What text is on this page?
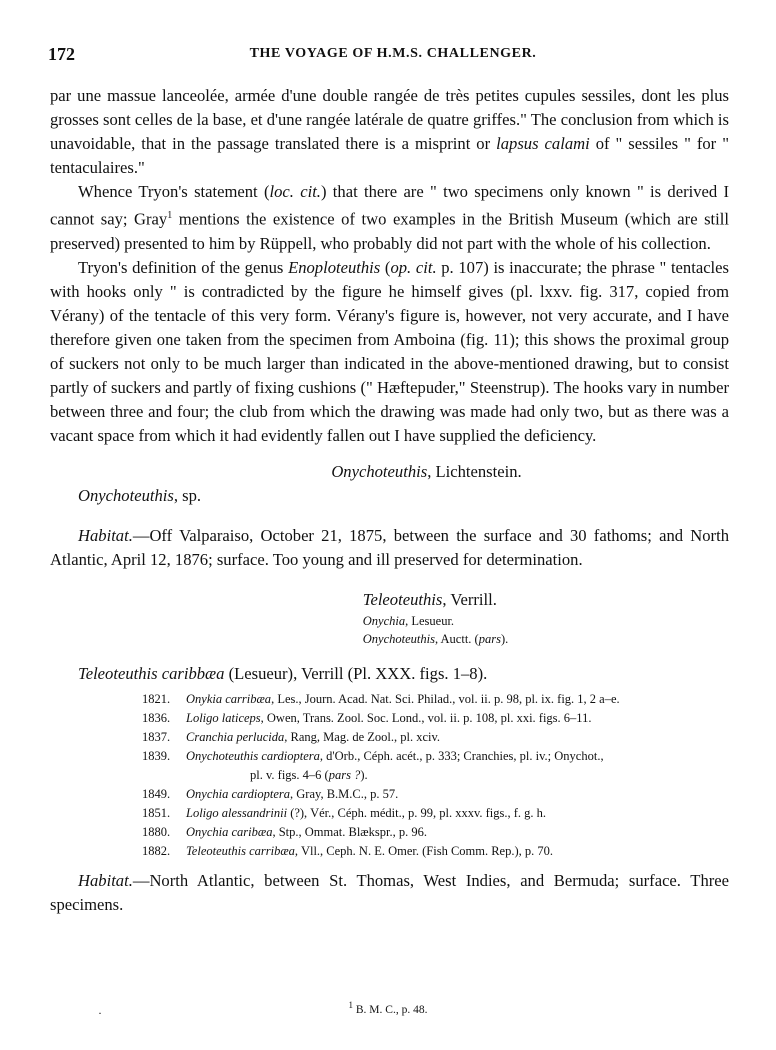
172	THE VOYAGE OF H.M.S. CHALLENGER.

par une massue lanceolée, armée d'une double rangée de très petites cupules sessiles, dont les plus grosses sont celles de la base, et d'une rangée latérale de quatre griffes." The conclusion from which is unavoidable, that in the passage translated there is a misprint or lapsus calami of " sessiles " for " tentaculaires."

Whence Tryon's statement (loc. cit.) that there are " two specimens only known " is derived I cannot say; Gray$^1$ mentions the existence of two examples in the British Museum (which are still preserved) presented to him by Rüppell, who probably did not part with the whole of his collection.

Tryon's definition of the genus Enoploteuthis (op. cit. p. 107) is inaccurate; the phrase " tentacles with hooks only " is contradicted by the figure he himself gives (pl. lxxv. fig. 317, copied from Vérany) of the tentacle of this very form. Vérany's figure is, however, not very accurate, and I have therefore given one taken from the specimen from Amboina (fig. 11); this shows the proximal group of suckers not only to be much larger than indicated in the above-mentioned drawing, but to consist partly of suckers and partly of fixing cushions (" Hæftepuder," Steenstrup). The hooks vary in number between three and four; the club from which the drawing was made had only two, but as there was a vacant space from which it had evidently fallen out I have supplied the deficiency.

Onychoteuthis, Lichtenstein.
Onychoteuthis, sp.

Habitat.—Off Valparaiso, October 21, 1875, between the surface and 30 fathoms; and North Atlantic, April 12, 1876; surface. Too young and ill preserved for determination.

Teleoteuthis, Verrill.
Onychia, Lesueur.
Onychoteuthis, Auctt. (pars).
Teleoteuthis caribbæa (Lesueur), Verrill (Pl. XXX. figs. 1–8).
1821.	Onykia carribæa, Les., Journ. Acad. Nat. Sci. Philad., vol. ii. p. 98, pl. ix. fig. 1, 2 a–e.
1836.	Loligo laticeps, Owen, Trans. Zool. Soc. Lond., vol. ii. p. 108, pl. xxi. figs. 6–11.
1837.	Cranchia perlucida, Rang, Mag. de Zool., pl. xciv.
1839.	Onychoteuthis cardioptera, d'Orb., Céph. acét., p. 333; Cranchies, pl. iv.; Onychot.,
pl. v. figs. 4–6 (pars ?).
1849.	Onychia cardioptera, Gray, B.M.C., p. 57.
1851.	Loligo alessandrinii (?), Vér., Céph. médit., p. 99, pl. xxxv. figs., f. g. h.
1880.	Onychia caribæa, Stp., Ommat. Blækspr., p. 96.
1882.	Teleoteuthis carribæa, Vll., Ceph. N. E. Omer. (Fish Comm. Rep.), p. 70.

Habitat.—North Atlantic, between St. Thomas, West Indies, and Bermuda; surface. Three specimens.

·
$^1$ B. M. C., p. 48.
